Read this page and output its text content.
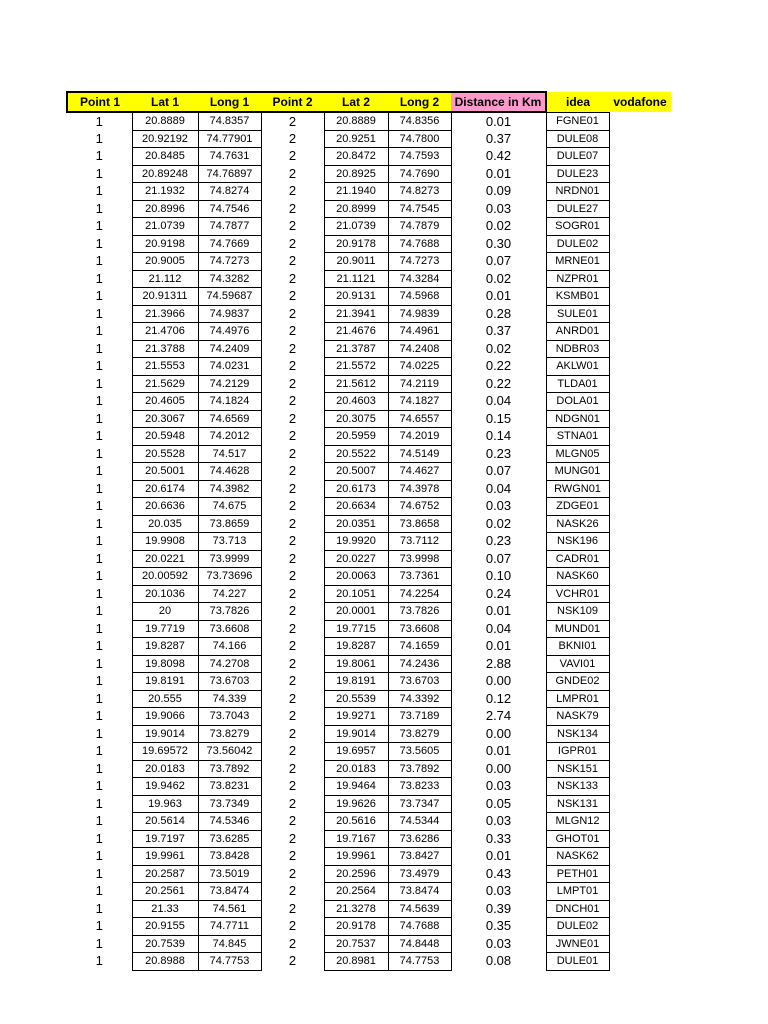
Point 1	Lat 1	Long 1	Point 2	Lat 2	Long 2	Distance in Km	idea	vodafone
1	20.8889	74.8357	2	20.8889	74.8356	0.01	FGNE01	
1	20.92192	74.77901	2	20.9251	74.7800	0.37	DULE08	
1	20.8485	74.7631	2	20.8472	74.7593	0.42	DULE07	
1	20.89248	74.76897	2	20.8925	74.7690	0.01	DULE23	
1	21.1932	74.8274	2	21.1940	74.8273	0.09	NRDN01	
1	20.8996	74.7546	2	20.8999	74.7545	0.03	DULE27	
1	21.0739	74.7877	2	21.0739	74.7879	0.02	SOGR01	
1	20.9198	74.7669	2	20.9178	74.7688	0.30	DULE02	
1	20.9005	74.7273	2	20.9011	74.7273	0.07	MRNE01	
1	21.112	74.3282	2	21.1121	74.3284	0.02	NZPR01	
1	20.91311	74.59687	2	20.9131	74.5968	0.01	KSMB01	
1	21.3966	74.9837	2	21.3941	74.9839	0.28	SULE01	
1	21.4706	74.4976	2	21.4676	74.4961	0.37	ANRD01	
1	21.3788	74.2409	2	21.3787	74.2408	0.02	NDBR03	
1	21.5553	74.0231	2	21.5572	74.0225	0.22	AKLW01	
1	21.5629	74.2129	2	21.5612	74.2119	0.22	TLDA01	
1	20.4605	74.1824	2	20.4603	74.1827	0.04	DOLA01	
1	20.3067	74.6569	2	20.3075	74.6557	0.15	NDGN01	
1	20.5948	74.2012	2	20.5959	74.2019	0.14	STNA01	
1	20.5528	74.517	2	20.5522	74.5149	0.23	MLGN05	
1	20.5001	74.4628	2	20.5007	74.4627	0.07	MUNG01	
1	20.6174	74.3982	2	20.6173	74.3978	0.04	RWGN01	
1	20.6636	74.675	2	20.6634	74.6752	0.03	ZDGE01	
1	20.035	73.8659	2	20.0351	73.8658	0.02	NASK26	
1	19.9908	73.713	2	19.9920	73.7112	0.23	NSK196	
1	20.0221	73.9999	2	20.0227	73.9998	0.07	CADR01	
1	20.00592	73.73696	2	20.0063	73.7361	0.10	NASK60	
1	20.1036	74.227	2	20.1051	74.2254	0.24	VCHR01	
1	20	73.7826	2	20.0001	73.7826	0.01	NSK109	
1	19.7719	73.6608	2	19.7715	73.6608	0.04	MUND01	
1	19.8287	74.166	2	19.8287	74.1659	0.01	BKNI01	
1	19.8098	74.2708	2	19.8061	74.2436	2.88	VAVI01	
1	19.8191	73.6703	2	19.8191	73.6703	0.00	GNDE02	
1	20.555	74.339	2	20.5539	74.3392	0.12	LMPR01	
1	19.9066	73.7043	2	19.9271	73.7189	2.74	NASK79	
1	19.9014	73.8279	2	19.9014	73.8279	0.00	NSK134	
1	19.69572	73.56042	2	19.6957	73.5605	0.01	IGPR01	
1	20.0183	73.7892	2	20.0183	73.7892	0.00	NSK151	
1	19.9462	73.8231	2	19.9464	73.8233	0.03	NSK133	
1	19.963	73.7349	2	19.9626	73.7347	0.05	NSK131	
1	20.5614	74.5346	2	20.5616	74.5344	0.03	MLGN12	
1	19.7197	73.6285	2	19.7167	73.6286	0.33	GHOT01	
1	19.9961	73.8428	2	19.9961	73.8427	0.01	NASK62	
1	20.2587	73.5019	2	20.2596	73.4979	0.43	PETH01	
1	20.2561	73.8474	2	20.2564	73.8474	0.03	LMPT01	
1	21.33	74.561	2	21.3278	74.5639	0.39	DNCH01	
1	20.9155	74.7711	2	20.9178	74.7688	0.35	DULE02	
1	20.7539	74.845	2	20.7537	74.8448	0.03	JWNE01	
1	20.8988	74.7753	2	20.8981	74.7753	0.08	DULE01	
